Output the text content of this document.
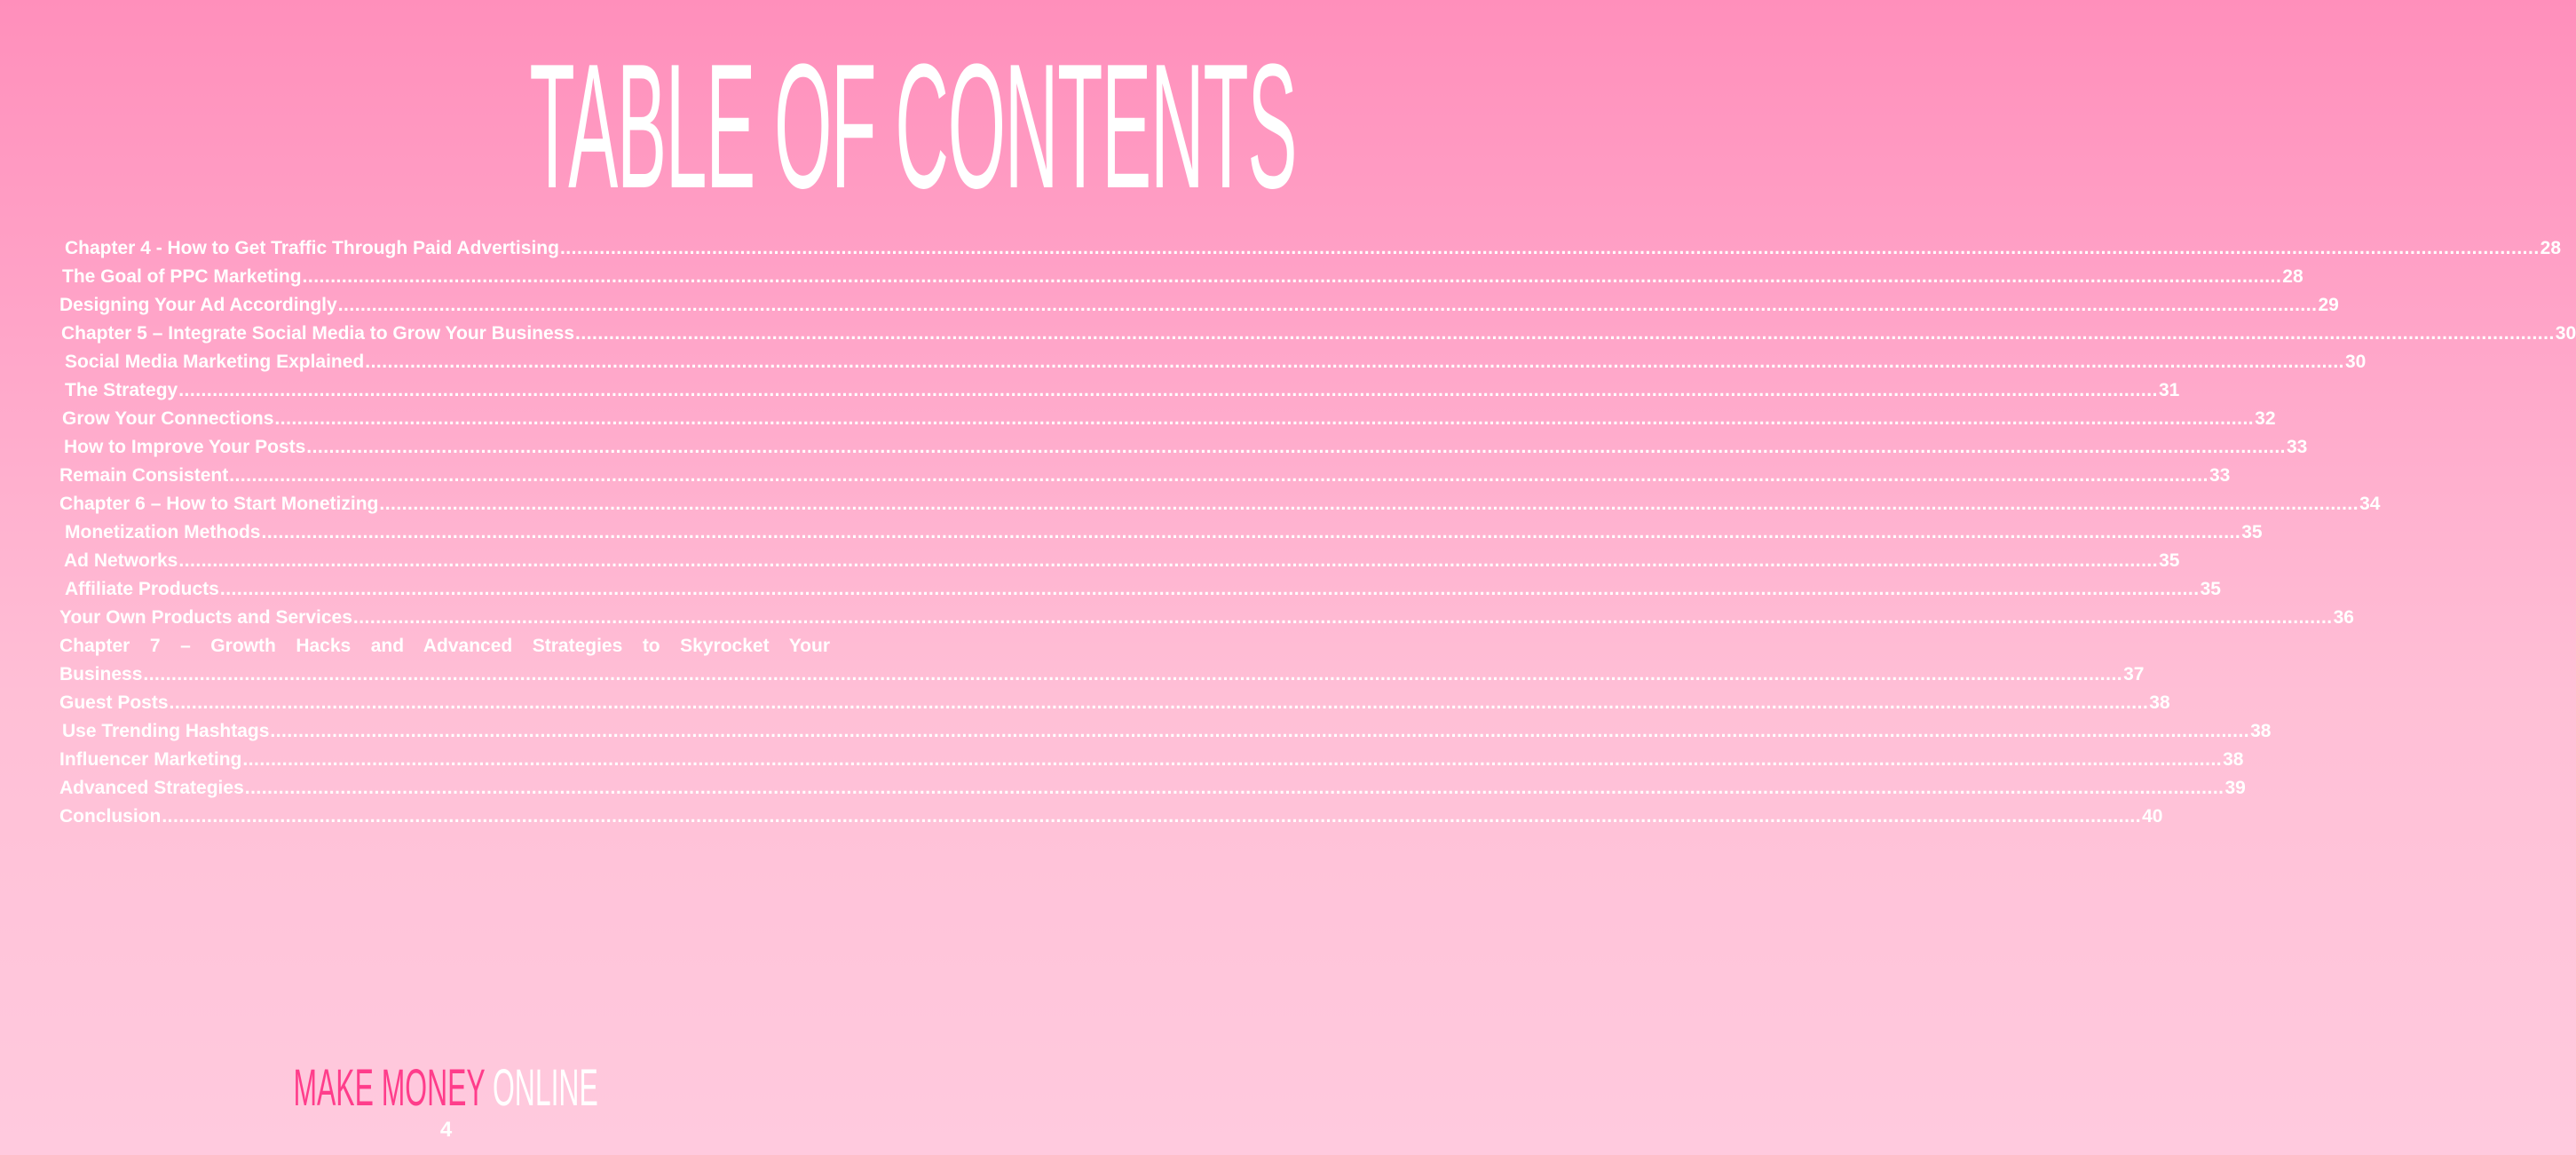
TABLE OF CONTENTS
Chapter 4 - How to Get Traffic Through Paid Advertising .....	28
The Goal of PPC Marketing .....	28
Designing Your Ad Accordingly .....	29
Chapter 5 – Integrate Social Media to Grow Your Business .....	30
Social Media Marketing Explained .....	30
The Strategy .....	31
Grow Your Connections .....	32
How to Improve Your Posts .....	33
Remain Consistent .....	33
Chapter 6 – How to Start Monetizing .....	34
Monetization Methods .....	35
Ad Networks .....	35
Affiliate Products .....	35
Your Own Products and Services .....	36
Chapter 7 – Growth Hacks and Advanced Strategies to Skyrocket Your
Business .....	37
Guest Posts .....	38
Use Trending Hashtags .....	38
Influencer Marketing .....	38
Advanced Strategies .....	39
Conclusion .....	40
MAKE MONEY ONLINE
4
